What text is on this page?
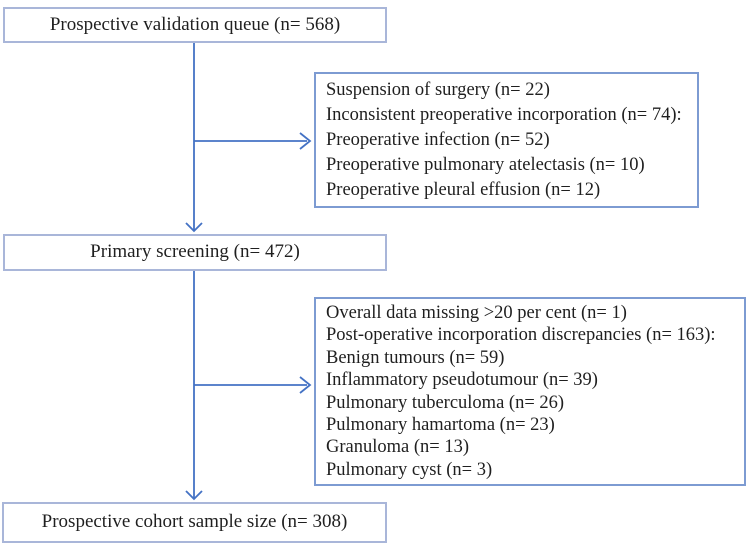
Prospective validation queue (n= 568)
Suspension of surgery (n= 22)
Inconsistent preoperative incorporation (n= 74):
Preoperative infection (n= 52)
Preoperative pulmonary atelectasis (n= 10)
Preoperative pleural effusion (n= 12)
Primary screening (n= 472)
Overall data missing >20 per cent (n= 1)
Post-operative incorporation discrepancies (n= 163):
Benign tumours (n= 59)
Inflammatory pseudotumour (n= 39)
Pulmonary tuberculoma (n= 26)
Pulmonary hamartoma (n= 23)
Granuloma (n= 13)
Pulmonary cyst (n= 3)
Prospective cohort sample size (n= 308)
